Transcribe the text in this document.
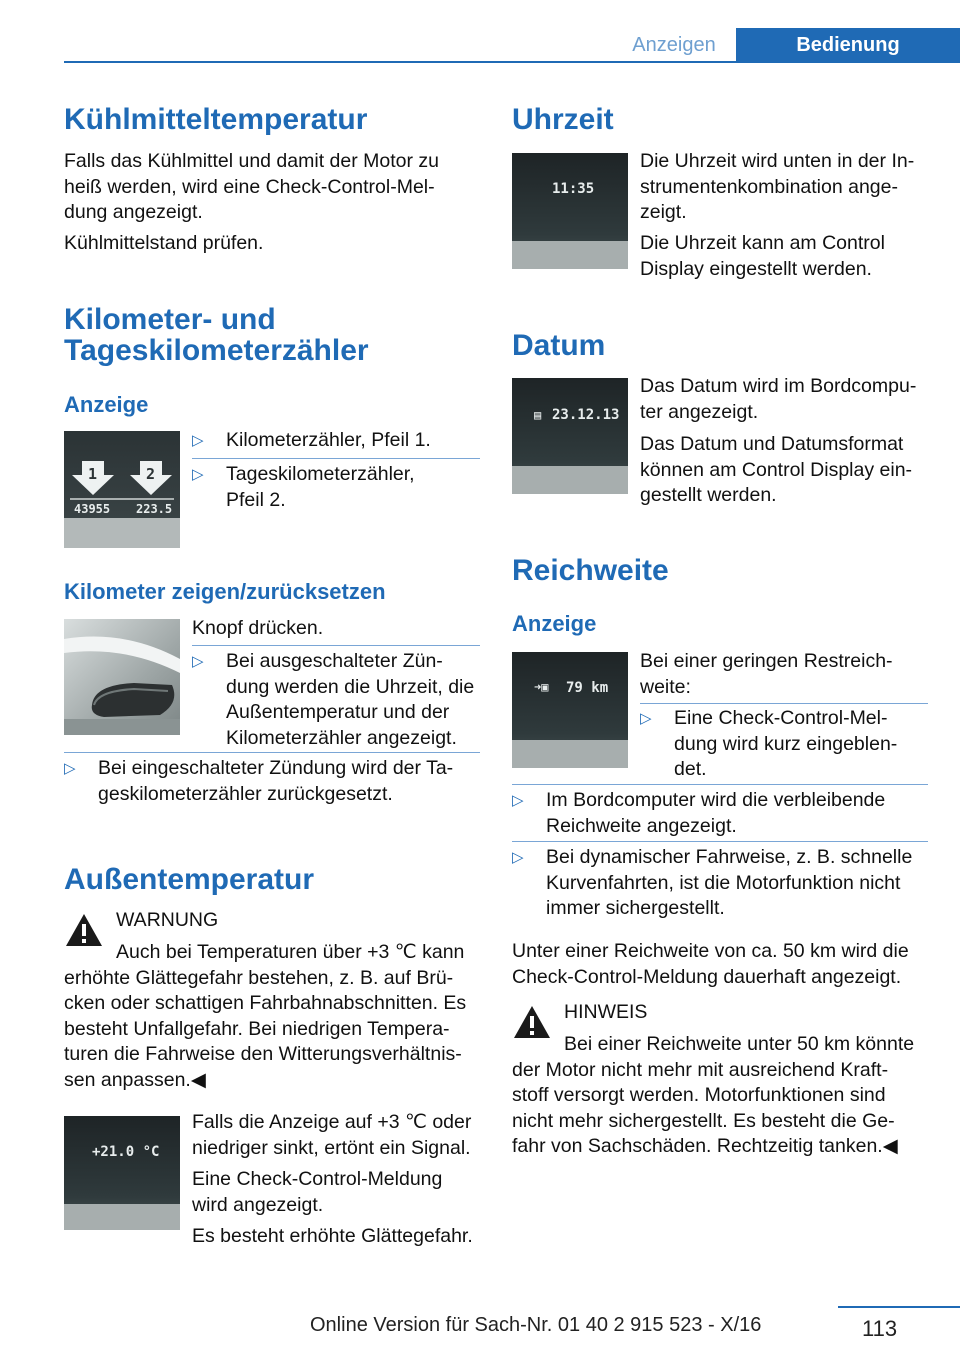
Anzeigen	Bedienung
Kühlmitteltemperatur

Falls das Kühlmittel und damit der Motor zu
heiß werden, wird eine Check-Control-Mel‐
dung angezeigt.

Kühlmittelstand prüfen.

Kilometer- und
Tageskilometerzähler
Anzeige
1	2
43955 223.5
▷ Kilometerzähler, Pfeil 1.
▷ Tageskilometerzähler,
Pfeil 2.
Kilometer zeigen/zurücksetzen

Knopf drücken.

▷ Bei ausgeschalteter Zün‐
dung werden die Uhrzeit, die
Außentemperatur und der
Kilometerzähler angezeigt.
▷ Bei eingeschalteter Zündung wird der Ta‐
geskilometerzähler zurückgesetzt.
Außentemperatur

WARNUNG

Auch bei Temperaturen über +3 ℃ kann
erhöhte Glättegefahr bestehen, z. B. auf Brü‐
cken oder schattigen Fahrbahnabschnitten. Es
besteht Unfallgefahr. Bei niedrigen Tempera‐
turen die Fahrweise den Witterungsverhältnis‐
sen anpassen.◀

+21.0 °C

Falls die Anzeige auf +3 ℃ oder
niedriger sinkt, ertönt ein Signal.

Eine Check-Control-Meldung
wird angezeigt.

Es besteht erhöhte Glättegefahr.

Uhrzeit
11:35

Die Uhrzeit wird unten in der In‐
strumentenkombination ange‐
zeigt.

Die Uhrzeit kann am Control
Display eingestellt werden.

Datum
▤ 23.12.13

Das Datum wird im Bordcompu‐
ter angezeigt.

Das Datum und Datumsformat
können am Control Display ein‐
gestellt werden.

Reichweite
Anzeige
➜▣ 79 km

Bei einer geringen Restreich‐
weite:

▷ Eine Check-Control-Mel‐
dung wird kurz eingeblen‐
det.
▷ Im Bordcomputer wird die verbleibende
Reichweite angezeigt.
▷ Bei dynamischer Fahrweise, z. B. schnelle
Kurvenfahrten, ist die Motorfunktion nicht
immer sichergestellt.

Unter einer Reichweite von ca. 50 km wird die
Check-Control-Meldung dauerhaft angezeigt.

HINWEIS

Bei einer Reichweite unter 50 km könnte
der Motor nicht mehr mit ausreichend Kraft‐
stoff versorgt werden. Motorfunktionen sind
nicht mehr sichergestellt. Es besteht die Ge‐
fahr von Sachschäden. Rechtzeitig tanken.◀

113
Online Version für Sach-Nr. 01 40 2 915 523 - X/16
